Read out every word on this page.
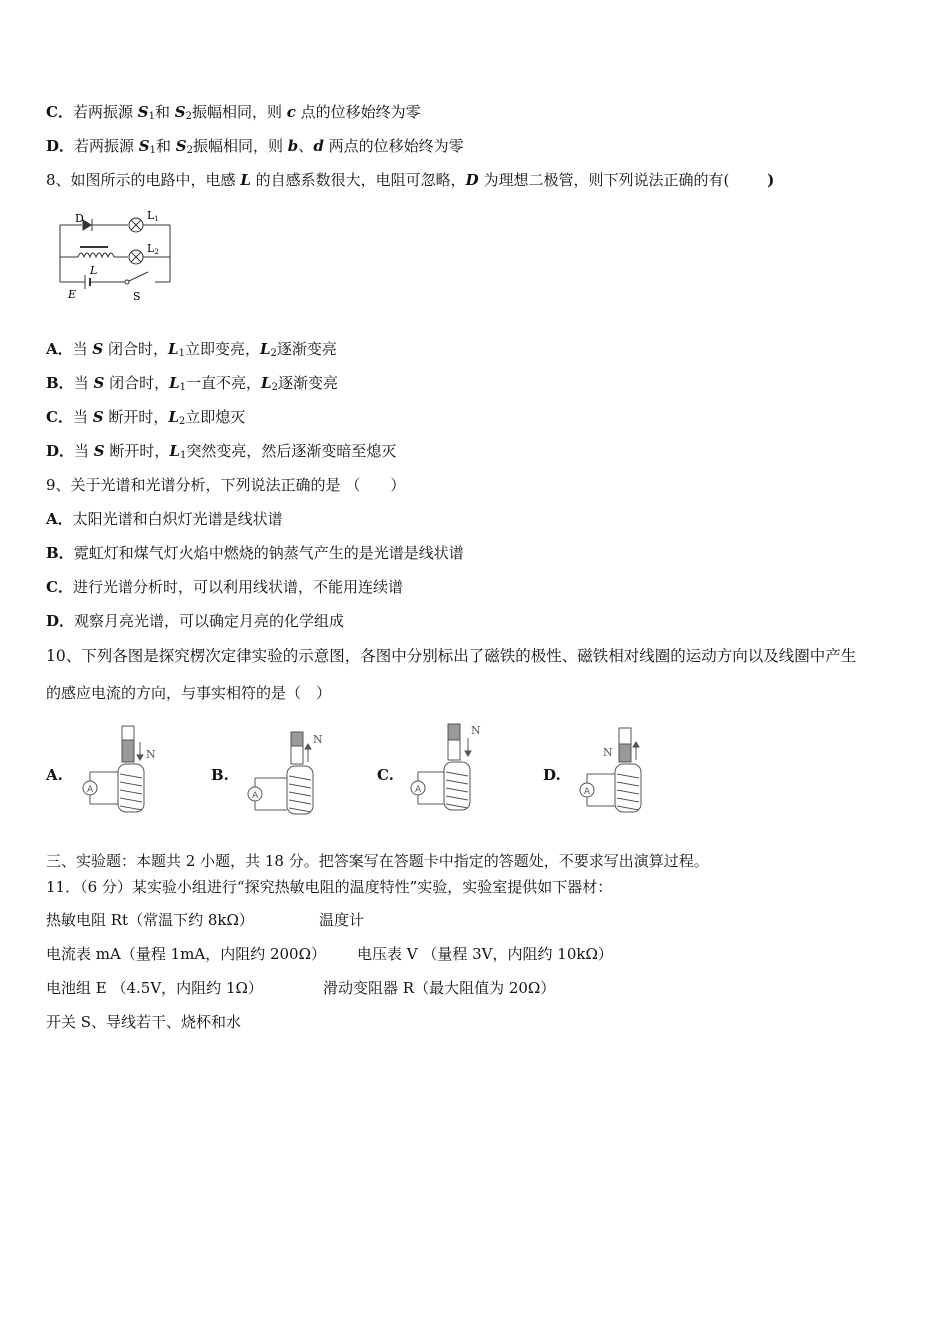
C．若两振源 $S_1$和 $S_2$振幅相同，则 c 点的位移始终为零
D．若两振源 $S_1$和 $S_2$振幅相同，则 b、d 两点的位移始终为零
8、如图所示的电路中，电感 L 的自感系数很大，电阻可忽略，D 为理想二极管，则下列说法正确的有(	)
D	L1
L2
L
E	S
A．当 S 闭合时，$L_1$立即变亮，$L_2$逐渐变亮
B．当 S 闭合时，$L_1$一直不亮，$L_2$逐渐变亮
C．当 S 断开时，$L_2$立即熄灭
D．当 S 断开时，$L_1$突然变亮，然后逐渐变暗至熄灭
9、关于光谱和光谱分析，下列说法正确的是 （　　）
A．太阳光谱和白炽灯光谱是线状谱
B．霓虹灯和煤气灯火焰中燃烧的钠蒸气产生的是光谱是线状谱
C．进行光谱分析时，可以利用线状谱，不能用连续谱
D．观察月亮光谱，可以确定月亮的化学组成
10、下列各图是探究楞次定律实验的示意图，各图中分别标出了磁铁的极性、磁铁相对线圈的运动方向以及线圈中产生
的感应电流的方向，与事实相符的是（　）
A.
A
N
B.
A
N
C.
A
N
D.
A
N
三、实验题：本题共 2 小题，共 18 分。把答案写在答题卡中指定的答题处，不要求写出演算过程。
11．（6 分）某实验小组进行“探究热敏电阻的温度特性”实验，实验室提供如下器材：
热敏电阻 Rt（常温下约 8kΩ）	温度计
电流表 mA（量程 1mA，内阻约 200Ω） 电压表 V （量程 3V，内阻约 10kΩ）
电池组 E （4.5V，内阻约 1Ω）	滑动变阻器 R（最大阻值为 20Ω）
开关 S、导线若干、烧杯和水
